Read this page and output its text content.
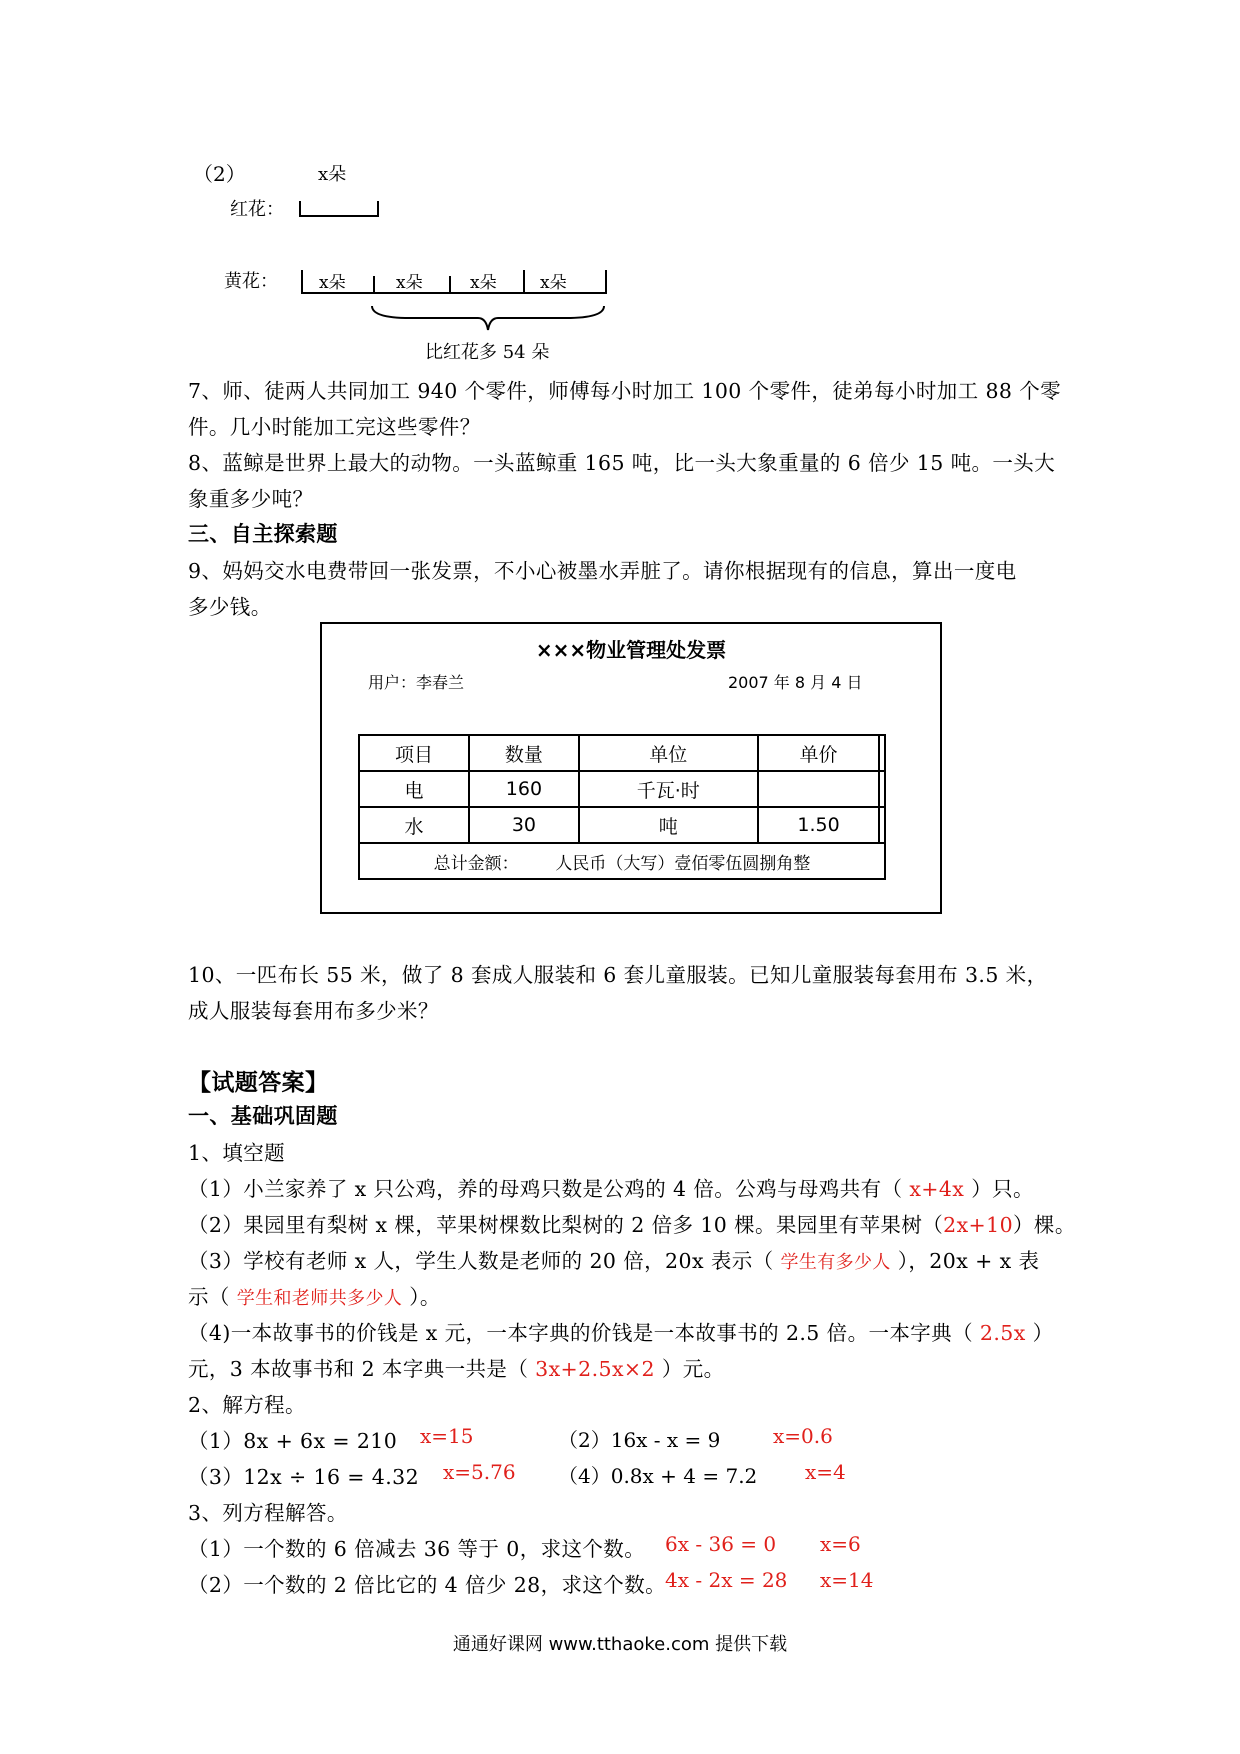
（2）	x朵
红花：
黄花： x朵	x朵	x朵	x朵
比红花多 54 朵
7、师、徒两人共同加工 940 个零件，师傅每小时加工 100 个零件，徒弟每小时加工 88 个零
件。几小时能加工完这些零件？
8、蓝鲸是世界上最大的动物。一头蓝鲸重 165 吨，比一头大象重量的 6 倍少 15 吨。一头大
象重多少吨？
三、自主探索题
9、妈妈交水电费带回一张发票，不小心被墨水弄脏了。请你根据现有的信息，算出一度电
多少钱。
×××物业管理处发票
用户：李春兰	2007 年 8 月 4 日
项目	数量	单位	单价	
电	160	千瓦·时		
水	30	吨	1.50	
总计金额： 人民币（大写）壹佰零伍圆捌角整				
10、一匹布长 55 米，做了 8 套成人服装和 6 套儿童服装。已知儿童服装每套用布 3.5 米，
成人服装每套用布多少米？
【试题答案】
一、基础巩固题
1、填空题
（1）小兰家养了 x 只公鸡，养的母鸡只数是公鸡的 4 倍。公鸡与母鸡共有（ x+4x ）只。
（2）果园里有梨树 x 棵，苹果树棵数比梨树的 2 倍多 10 棵。果园里有苹果树（2x+10）棵。
（3）学校有老师 x 人，学生人数是老师的 20 倍，20x 表示（ 学生有多少人 ），20x + x 表
示（ 学生和老师共多少人 ）。
（4)一本故事书的价钱是 x 元，一本字典的价钱是一本故事书的 2.5 倍。一本字典（ 2.5x ）
元，3 本故事书和 2 本字典一共是（ 3x+2.5x×2 ）元。
2、解方程。
（1）8x + 6x = 210 x=15	（2）16x - x = 9	x=0.6
（3）12x ÷ 16 = 4.32 x=5.76 （4）0.8x + 4 = 7.2 x=4
3、列方程解答。
（1）一个数的 6 倍减去 36 等于 0，求这个数。 6x - 36 = 0 x=6
（2）一个数的 2 倍比它的 4 倍少 28，求这个数。 4x - 2x = 28 x=14
通通好课网 www.tthaoke.com 提供下载
